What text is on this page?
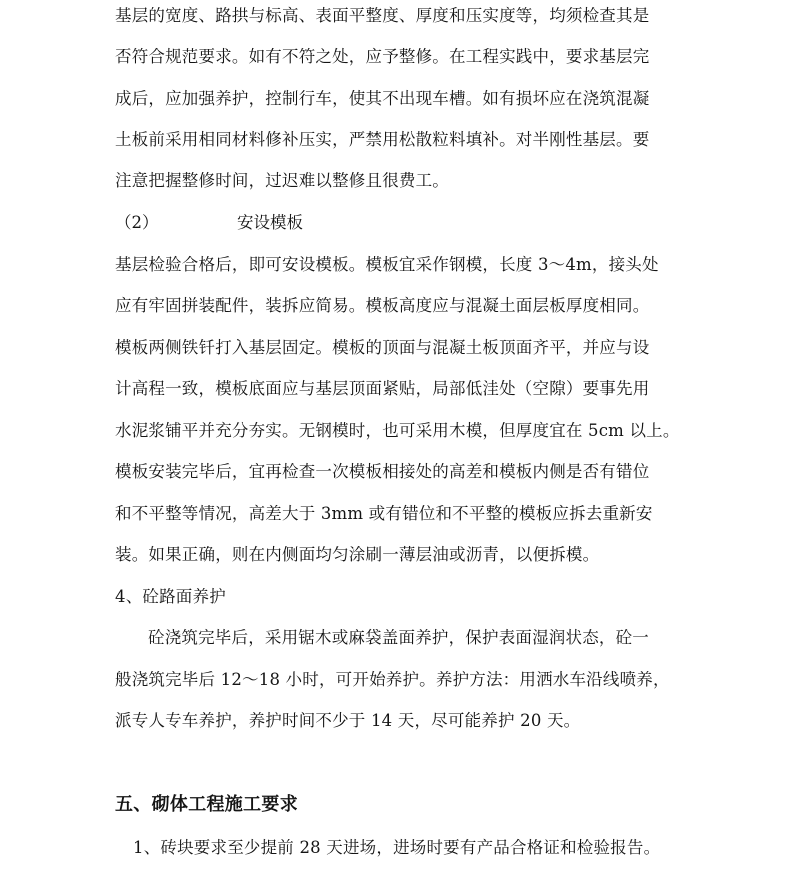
基层的宽度、路拱与标高、表面平整度、厚度和压实度等，均须检查其是
否符合规范要求。如有不符之处，应予整修。在工程实践中，要求基层完
成后，应加强养护，控制行车，使其不出现车槽。如有损坏应在浇筑混凝
土板前采用相同材料修补压实，严禁用松散粒料填补。对半刚性基层。要
注意把握整修时间，过迟难以整修且很费工。
（2）	安设模板
基层检验合格后，即可安设模板。模板宜采作钢模，长度 3～4m，接头处
应有牢固拼装配件，装拆应简易。模板高度应与混凝土面层板厚度相同。
模板两侧铁钎打入基层固定。模板的顶面与混凝土板顶面齐平，并应与设
计高程一致，模板底面应与基层顶面紧贴，局部低洼处（空隙）要事先用
水泥浆铺平并充分夯实。无钢模时，也可采用木模，但厚度宜在 5cm 以上。
模板安装完毕后，宜再检查一次模板相接处的高差和模板内侧是否有错位
和不平整等情况，高差大于 3mm 或有错位和不平整的模板应拆去重新安
装。如果正确，则在内侧面均匀涂刷一薄层油或沥青，以便拆模。
4、砼路面养护
砼浇筑完毕后，采用锯木或麻袋盖面养护，保护表面湿润状态，砼一
般浇筑完毕后 12～18 小时，可开始养护。养护方法：用洒水车沿线喷养，
派专人专车养护，养护时间不少于 14 天，尽可能养护 20 天。
五、砌体工程施工要求
1、砖块要求至少提前 28 天进场，进场时要有产品合格证和检验报告。
